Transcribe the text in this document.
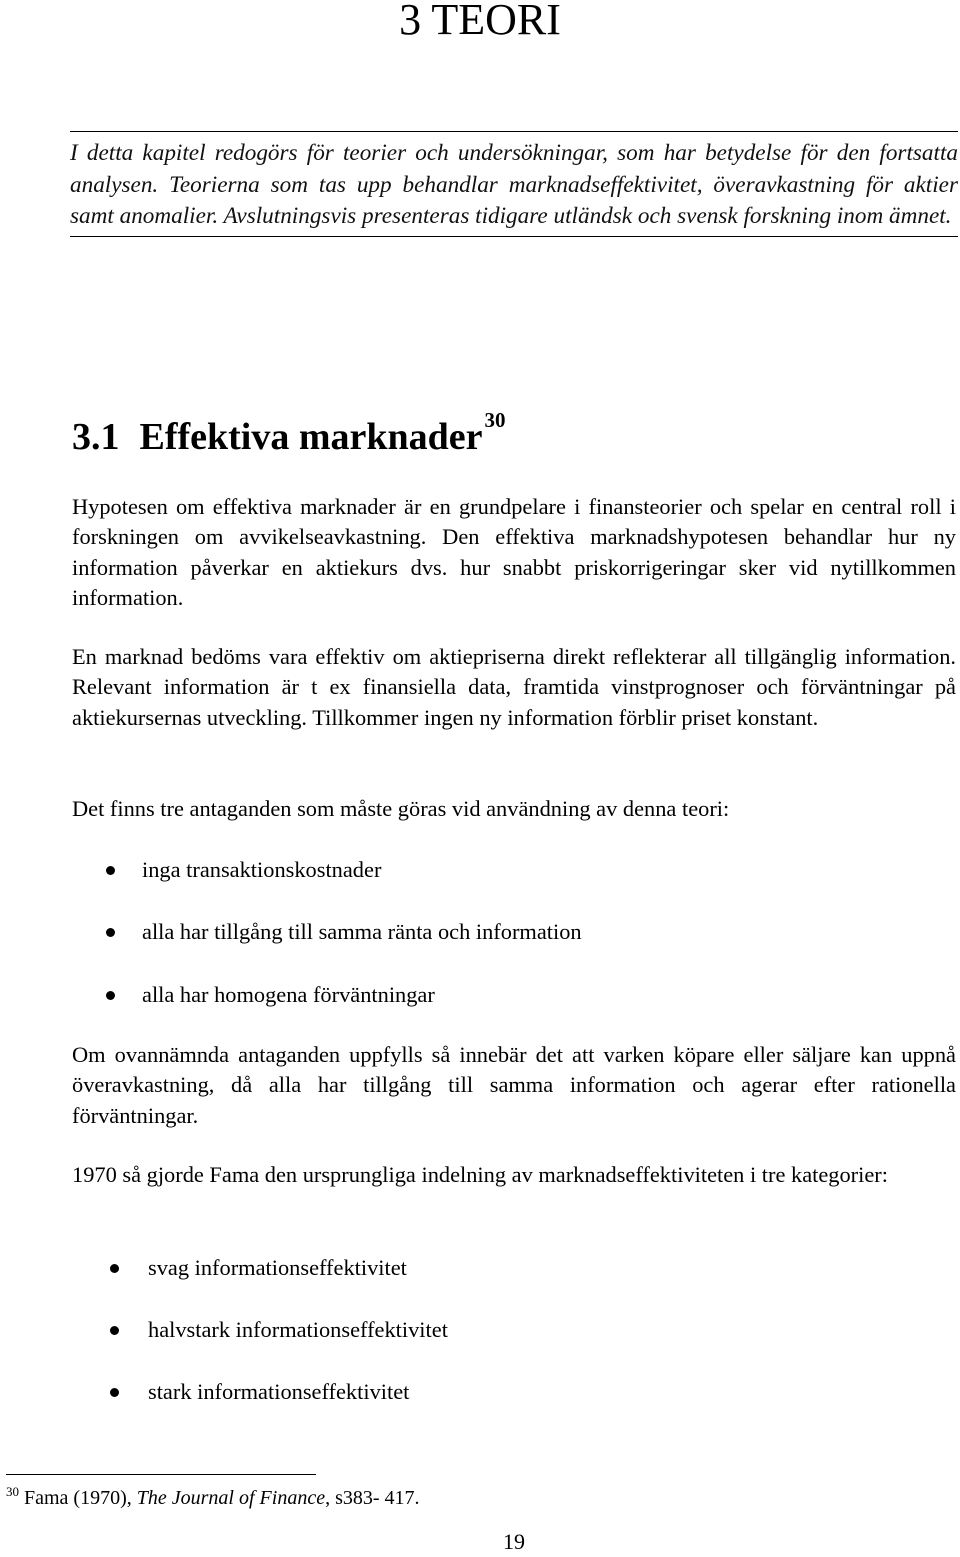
3 TEORI

I detta kapitel redogörs för teorier och undersökningar, som har betydelse för den fortsatta analysen. Teorierna som tas upp behandlar marknadseffektivitet, överavkastning för aktier samt anomalier. Avslutningsvis presenteras tidigare utländsk och svensk forskning inom ämnet.

3.1 Effektiva marknader$^{30}$

Hypotesen om effektiva marknader är en grundpelare i finansteorier och spelar en central roll i forskningen om avvikelseavkastning. Den effektiva marknadshypotesen behandlar hur ny information påverkar en aktiekurs dvs. hur snabbt priskorrigeringar sker vid nytillkommen information.

En marknad bedöms vara effektiv om aktiepriserna direkt reflekterar all tillgänglig information. Relevant information är t ex finansiella data, framtida vinstprognoser och förväntningar på aktiekursernas utveckling. Tillkommer ingen ny information förblir priset konstant.

Det finns tre antaganden som måste göras vid användning av denna teori:

inga transaktionskostnader
alla har tillgång till samma ränta och information
alla har homogena förväntningar

Om ovannämnda antaganden uppfylls så innebär det att varken köpare eller säljare kan uppnå överavkastning, då alla har tillgång till samma information och agerar efter rationella förväntningar.

1970 så gjorde Fama den ursprungliga indelning av marknadseffektiviteten i tre kategorier:

svag informationseffektivitet
halvstark informationseffektivitet
stark informationseffektivitet

$^{30}$ Fama (1970), The Journal of Finance, s383- 417.

19
